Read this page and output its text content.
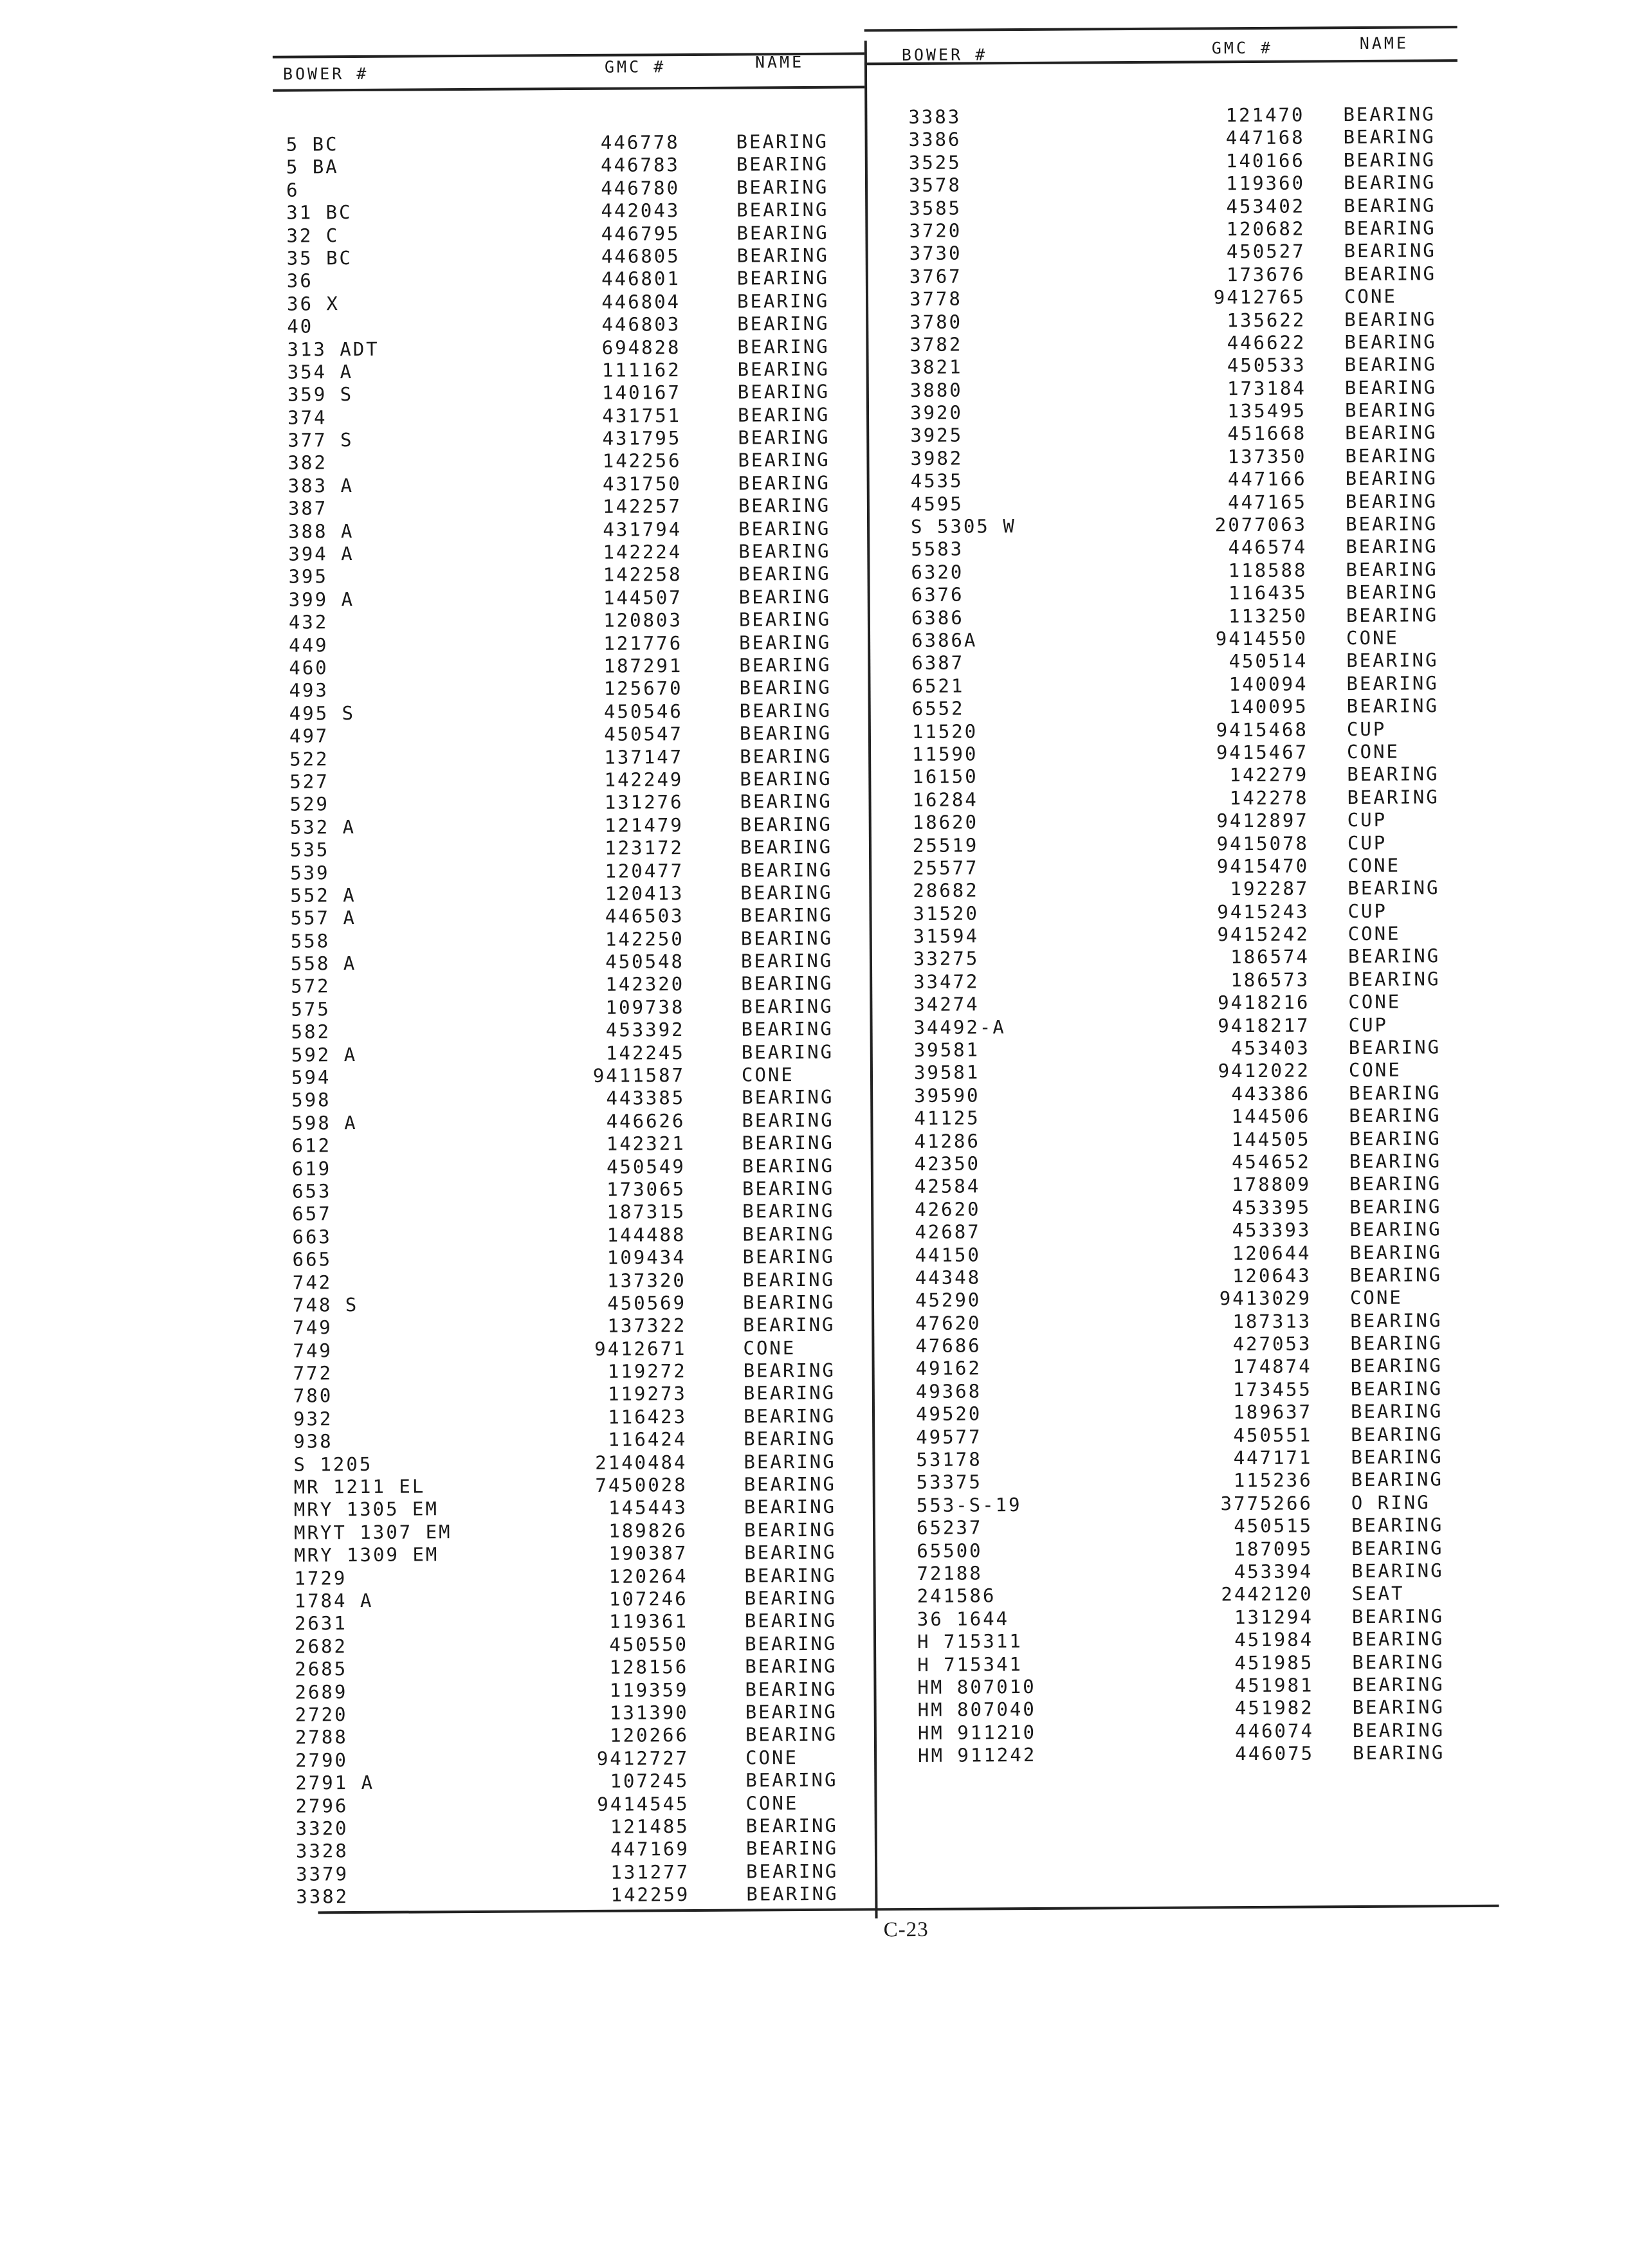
BOWER #	GMC #	NAME	BOWER #	GMC #	NAME
5 BC	446778	BEARING
5 BA	446783	BEARING
6	446780	BEARING
31 BC	442043	BEARING
32 C	446795	BEARING
35 BC	446805	BEARING
36	446801	BEARING
36 X	446804	BEARING
40	446803	BEARING
313 ADT	694828	BEARING
354 A	111162	BEARING
359 S	140167	BEARING
374	431751	BEARING
377 S	431795	BEARING
382	142256	BEARING
383 A	431750	BEARING
387	142257	BEARING
388 A	431794	BEARING
394 A	142224	BEARING
395	142258	BEARING
399 A	144507	BEARING
432	120803	BEARING
449	121776	BEARING
460	187291	BEARING
493	125670	BEARING
495 S	450546	BEARING
497	450547	BEARING
522	137147	BEARING
527	142249	BEARING
529	131276	BEARING
532 A	121479	BEARING
535	123172	BEARING
539	120477	BEARING
552 A	120413	BEARING
557 A	446503	BEARING
558	142250	BEARING
558 A	450548	BEARING
572	142320	BEARING
575	109738	BEARING
582	453392	BEARING
592 A	142245	BEARING
594	9411587	CONE
598	443385	BEARING
598 A	446626	BEARING
612	142321	BEARING
619	450549	BEARING
653	173065	BEARING
657	187315	BEARING
663	144488	BEARING
665	109434	BEARING
742	137320	BEARING
748 S	450569	BEARING
749	137322	BEARING
749	9412671	CONE
772	119272	BEARING
780	119273	BEARING
932	116423	BEARING
938	116424	BEARING
S 1205	2140484	BEARING
MR 1211 EL	7450028	BEARING
MRY 1305 EM	145443	BEARING
MRYT 1307 EM	189826	BEARING
MRY 1309 EM	190387	BEARING
1729	120264	BEARING
1784 A	107246	BEARING
2631	119361	BEARING
2682	450550	BEARING
2685	128156	BEARING
2689	119359	BEARING
2720	131390	BEARING
2788	120266	BEARING
2790	9412727	CONE
2791 A	107245	BEARING
2796	9414545	CONE
3320	121485	BEARING
3328	447169	BEARING
3379	131277	BEARING
3382	142259	BEARING
3383	121470 BEARING
3386	447168 BEARING
3525	140166 BEARING
3578	119360 BEARING
3585	453402 BEARING
3720	120682 BEARING
3730	450527 BEARING
3767	173676 BEARING
3778	9412765 CONE
3780	135622 BEARING
3782	446622 BEARING
3821	450533 BEARING
3880	173184 BEARING
3920	135495 BEARING
3925	451668 BEARING
3982	137350 BEARING
4535	447166 BEARING
4595	447165 BEARING
S 5305 W	2077063 BEARING
5583	446574 BEARING
6320	118588 BEARING
6376	116435 BEARING
6386	113250 BEARING
6386A	9414550 CONE
6387	450514 BEARING
6521	140094 BEARING
6552	140095 BEARING
11520	9415468 CUP
11590	9415467 CONE
16150	142279 BEARING
16284	142278 BEARING
18620	9412897 CUP
25519	9415078 CUP
25577	9415470 CONE
28682	192287 BEARING
31520	9415243 CUP
31594	9415242 CONE
33275	186574 BEARING
33472	186573 BEARING
34274	9418216 CONE
34492-A	9418217 CUP
39581	453403 BEARING
39581	9412022 CONE
39590	443386 BEARING
41125	144506 BEARING
41286	144505 BEARING
42350	454652 BEARING
42584	178809 BEARING
42620	453395 BEARING
42687	453393 BEARING
44150	120644 BEARING
44348	120643 BEARING
45290	9413029 CONE
47620	187313 BEARING
47686	427053 BEARING
49162	174874 BEARING
49368	173455 BEARING
49520	189637 BEARING
49577	450551 BEARING
53178	447171 BEARING
53375	115236 BEARING
553-S-19	3775266 O RING
65237	450515 BEARING
65500	187095 BEARING
72188	453394 BEARING
241586	2442120 SEAT
36 1644	131294 BEARING
H 715311	451984 BEARING
H 715341	451985 BEARING
HM 807010	451981 BEARING
HM 807040	451982 BEARING
HM 911210	446074 BEARING
HM 911242	446075 BEARING
C-23
